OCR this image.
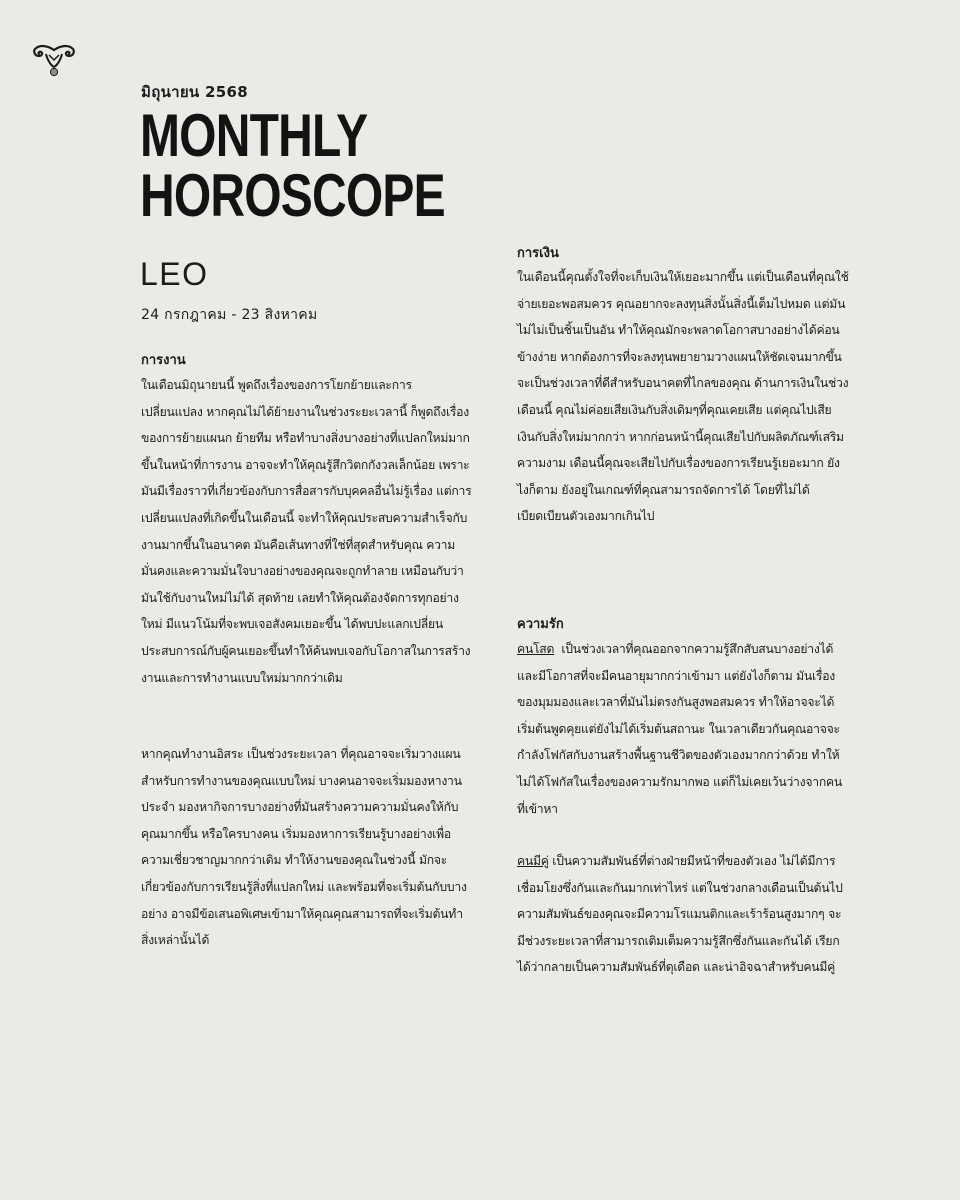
มิถุนายน 2568
MONTHLY
HOROSCOPE
LEO
24 กรกฎาคม - 23 สิงหาคม
การงาน

ในเดือนมิถุนายนนี้ พูดถึงเรื่องของการโยกย้ายและการเปลี่ยนแปลง หากคุณไม่ได้ย้ายงานในช่วงระยะเวลานี้ ก็พูดถึงเรื่องของการย้ายแผนก ย้ายทีม หรือทำบางสิ่งบางอย่างที่แปลกใหม่มากขึ้นในหน้าที่การงาน อาจจะทำให้คุณรู้สึกวิตกกังวลเล็กน้อย เพราะมันมีเรื่องราวที่เกี่ยวข้องกับการสื่อสารกับบุคคลอื่นไม่รู้เรื่อง แต่การเปลี่ยนแปลงที่เกิดขึ้นในเดือนนี้ จะทำให้คุณประสบความสำเร็จกับงานมากขึ้นในอนาคต มันคือเส้นทางที่ใช่ที่สุดสำหรับคุณ ความมั่นคงและความมั่นใจบางอย่างของคุณจะถูกทำลาย เหมือนกับว่า มันใช้กับงานใหม่ไม่ได้ สุดท้าย เลยทำให้คุณต้องจัดการทุกอย่างใหม่ มีแนวโน้มที่จะพบเจอสังคมเยอะขึ้น ได้พบปะแลกเปลี่ยนประสบการณ์กับผู้คนเยอะขึ้นทำให้ค้นพบเจอกับโอกาสในการสร้างงานและการทำงานแบบใหม่มากกว่าเดิม

หากคุณทำงานอิสระ เป็นช่วงระยะเวลา ที่คุณอาจจะเริ่มวางแผนสำหรับการทำงานของคุณแบบใหม่ บางคนอาจจะเริ่มมองหางานประจำ มองหากิจการบางอย่างที่มันสร้างความความมั่นคงให้กับคุณมากขึ้น หรือใครบางคน เริ่มมองหาการเรียนรู้บางอย่างเพื่อความเชี่ยวชาญมากกว่าเดิม ทำให้งานของคุณในช่วงนี้ มักจะเกี่ยวข้องกับการเรียนรู้สิ่งที่แปลกใหม่ และพร้อมที่จะเริ่มต้นกับบางอย่าง อาจมีข้อเสนอพิเศษเข้ามาให้คุณคุณสามารถที่จะเริ่มต้นทำสิ่งเหล่านั้นได้

การเงิน

ในเดือนนี้คุณตั้งใจที่จะเก็บเงินให้เยอะมากขึ้น แต่เป็นเดือนที่คุณใช้จ่ายเยอะพอสมควร คุณอยากจะลงทุนสิ่งนั้นสิ่งนี้เต็มไปหมด แต่มันไม่ไม่เป็นชิ้นเป็นอัน ทำให้คุณมักจะพลาดโอกาสบางอย่างได้ค่อนข้างง่าย หากต้องการที่จะลงทุนพยายามวางแผนให้ชัดเจนมากขึ้น จะเป็นช่วงเวลาที่ดีสำหรับอนาคตที่ไกลของคุณ ด้านการเงินในช่วงเดือนนี้ คุณไม่ค่อยเสียเงินกับสิ่งเดิมๆที่คุณเคยเสีย แต่คุณไปเสียเงินกับสิ่งใหม่มากกว่า หากก่อนหน้านี้คุณเสียไปกับผลิตภัณฑ์เสริมความงาม เดือนนี้คุณจะเสียไปกับเรื่องของการเรียนรู้เยอะมาก ยังไงก็ตาม ยังอยู่ในเกณฑ์ที่คุณสามารถจัดการได้ โดยที่ไม่ได้เบียดเบียนตัวเองมากเกินไป

ความรัก

คนโสด เป็นช่วงเวลาที่คุณออกจากความรู้สึกสับสนบางอย่างได้ และมีโอกาสที่จะมีคนอายุมากกว่าเข้ามา แต่ยังไงก็ตาม มันเรื่องของมุมมองและเวลาที่มันไม่ตรงกันสูงพอสมควร ทำให้อาจจะได้เริ่มต้นพูดคุยแต่ยังไม่ได้เริ่มต้นสถานะ ในเวลาเดียวกันคุณอาจจะกำลังโฟกัสกับงานสร้างพื้นฐานชีวิตของตัวเองมากกว่าด้วย ทำให้ไม่ได้โฟกัสในเรื่องของความรักมากพอ แต่ก็ไม่เคยเว้นว่างจากคนที่เข้าหา

คนมีคู่ เป็นความสัมพันธ์ที่ต่างฝ่ายมีหน้าที่ของตัวเอง ไม่ได้มีการเชื่อมโยงซึ่งกันและกันมากเท่าไหร่ แต่ในช่วงกลางเดือนเป็นต้นไป ความสัมพันธ์ของคุณจะมีความโรแมนติกและเร้าร้อนสูงมากๆ จะมีช่วงระยะเวลาที่สามารถเติมเต็มความรู้สึกซึ่งกันและกันได้ เรียกได้ว่ากลายเป็นความสัมพันธ์ที่ดุเดือด และน่าอิจฉาสำหรับคนมีคู่
